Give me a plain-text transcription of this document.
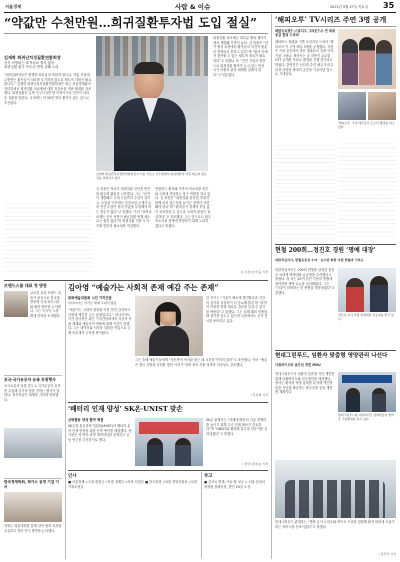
서울경제	사람 & 이슈	2021년 5월 27일 목요일 35
“약값만 수천만원…희귀질환투자법 도입 절실”
김재학 희귀난치성질환연합회장
신속 처방되는 표적치료 쉽지 않아
희귀질환 환우 목소리 반영 위해 노력
“희귀질환자들은 평생을 외로움과 싸워야 합니다. 약값 부담에 고통받는 환자들이 치료를 포기하지 않도록 제도적 지원이 필요합니다.” 김재학 희귀난치성질환연합회장은 최근 서울경제와의 인터뷰에서 희귀질환 치료제에 대한 건강보험 적용 확대를 강조했다. 희귀질환은 유병 인구가 2만 명 이하이거나 진단이 어려운 질환을 말한다. 국내에는 약 50만 명의 환자가 있는 것으로 추산된다.
김재학 희귀난치성질환연합회장이 서울 서초구 사무실에서 희귀질환자 지원 제도의 필요성을 설명하고 있다.
김 회장은 자녀가 희귀질환 진단을 받은 뒤 환우회 활동을 시작했다. 그는 “신약이 개발돼도 국내 도입까지 수년이 걸리고, 도입된 이후에도 건강보험 등재가 늦어 연간 수천만 원의 약값을 부담해야 하는 경우가 많다”고 말했다. 이어 “표적치료제는 신속 처방이 필요한데 현행 제도로는 쉽지 않다”며 희귀질환 전용 투자·지원 법안의 필요성을 역설했다.
연합회는 환자와 가족의 목소리를 정부와 국회에 전달하는 창구 역할을 하고 있다. 김 회장은 “희귀질환 관리법 개정과 함께 치료 접근성을 높이는 정책이 마련돼야 한다”며 “환자들이 경제적 부담 없이 치료받을 수 있도록 사회적 관심이 절실하다”고 강조했다. 그는 앞으로도 환우 목소리를 정책에 반영하기 위해 노력하겠다고 밝혔다.
희귀질환 치료제는 대부분 해외 제약사에서 개발돼 가격이 높다. 김 회장은 “약가 협상 과정에서 환자들의 의견이 충분히 반영되지 못하고 있다”며 “환자 단체가 참여할 수 있는 제도적 장치가 필요하다”고 말했다. 또 “진단 기술의 발전으로 희귀질환 환자가 늘고 있는 만큼 국가 차원의 관리 체계를 갖춰야 한다”고 덧붙였다.
글·사진=이건율 기자
‘해피오투’ TV시리즈 주연 3명 공개
메탈오로랜드·스튜디오 그라운드주 전 세대 공감 힐링 드라마
메타버스 플랫폼 기반 오리지널 드라마 ‘해피오투’가 주연 배우 3명을 공개했다. 작품은 가상 공간에서 만난 청춘들의 성장 이야기를 그린다. 제작사는 올 하반기 글로벌 OTT 공개를 목표로 촬영을 진행 중이라고 밝혔다. 출연진은 신인과 중견 배우가 어우러져 다양한 세대의 공감을 이끌어낼 것으로 기대된다.
‘해피오투’ 주연 배우들이 포스터 촬영을 하고 있다.
현철 200회…정진호 경원 ‘명예 대장’
대한적십자사, 헌혈유공장 수여 · 손수만 회원 자원 헌혈과 기부도
대한적십자사는 200회 헌혈을 달성한 정진호 씨에게 명예대장 유공장을 수여했다고 밝혔다. 정 씨는 20여 년간 꾸준히 헌혈에 참여하며 생명 나눔을 실천해왔다. 그는 “건강이 허락하는 한 헌혈을 계속하겠다”고 말했다.
정진호 씨가 헌혈 명예대장 유공장을 받고 있다.
현대그린푸드, 임환자 맞춤형 영양관리 나선다
다원바이오와 솔루션 개발 MOU
현대그린푸드가 임환자 맞춤형 식단 개발을 위해 다원바이오와 업무협약을 체결했다. 양사는 환자의 영양 상태를 분석해 개인별 맞춤 식단을 제공하는 솔루션을 공동 개발할 계획이다.
현대그린푸드와 다원바이오 관계자들이 협약 후 기념촬영을 하고 있다.
현대그린푸드 관계자는 “병원 급식 노하우와 바이오 기술을 결합해 환자 회복에 도움이 되는 서비스를 선보이겠다”고 말했다.
/ 김민지 기자
브랜드스쿨 대표 첫 방한
글로벌 교육 브랜드 대표가 처음으로 한국을 방문해 국내 파트너사와 협력 방안을 논의했다. 그는 아시아 시장 확대 전략을 소개했다.
호국·국가유공자 유족 초청행사
호국보훈의 달을 앞두고 국가유공자 유족을 초청해 감사의 뜻을 전하는 행사가 열렸다. 참석자들은 희생을 기리며 헌화했다.
한국경제학회, 학가스 공개 기업 이어
학회는 학술대회를 통해 산학 협력 성과를 공유하고 향후 연구 방향을 논의했다.
김아영 “예술가는 사회적 존재 예감 주는 존재”
문화예술위원회 시인 기자간담
미디어아트 작가로 세계 무대서 활동
“예술가는 시대의 변화를 가장 먼저 감지하고 사회에 예감을 주는 존재입니다.” 미디어아트 작가 김아영은 최근 기자간담회에서 자신의 작품 세계와 예술가의 역할에 대해 이같이 말했다. 그는 데이터와 서사를 결합한 작업으로 국제 미술계의 주목을 받아왔다.
김 작가는 “기술이 빠르게 발전할수록 인간의 감각과 상상력이 더 중요해진다”며 “관객이 작품을 통해 새로운 질문을 던질 수 있기를 바란다”고 말했다. 그는 올해 해외 비엔날레 참가를 앞두고 있으며 국내에서도 신작 전시를 준비하고 있다.
그는 후배 예술가들에게 “자신만의 언어를 찾는 데 시간을 아끼지 말라”고 조언했다. 이어 “예술은 결국 사람과 사회를 향한 이야기”라며 창작 지원 정책의 지속성도 강조했다.
/ 서지혜 기자
‘배터리 인재 양성’ SK온·UNIST 맞손
산학협동 양성 협약 체결
SK온과 울산과학기술원(UNIST)이 배터리 분야 인재 양성을 위한 산학 협약을 체결했다. 양 기관은 석·박사 과정 계약학과를 운영하고 공동 연구를 추진하기로 했다.
SK온 관계자는 “차세대 배터리 기술 경쟁력을 높이기 위해 우수 인재 확보가 중요하다”며 “UNIST와 협력해 실무형 전문가를 길러내겠다”고 밝혔다.
/ 울산=장지승 기자
인사
■ 서울경제 ◇국장 편집국 ◇부장 경제부 ◇차장 산업부 ■ 한국전력 ◇처장 경영지원처 ◇실장 기획조정실
부고
■ 김모씨 별세, 아들·딸 상주 = 서울 삼성서울병원 장례식장, 발인 29일 오전.
